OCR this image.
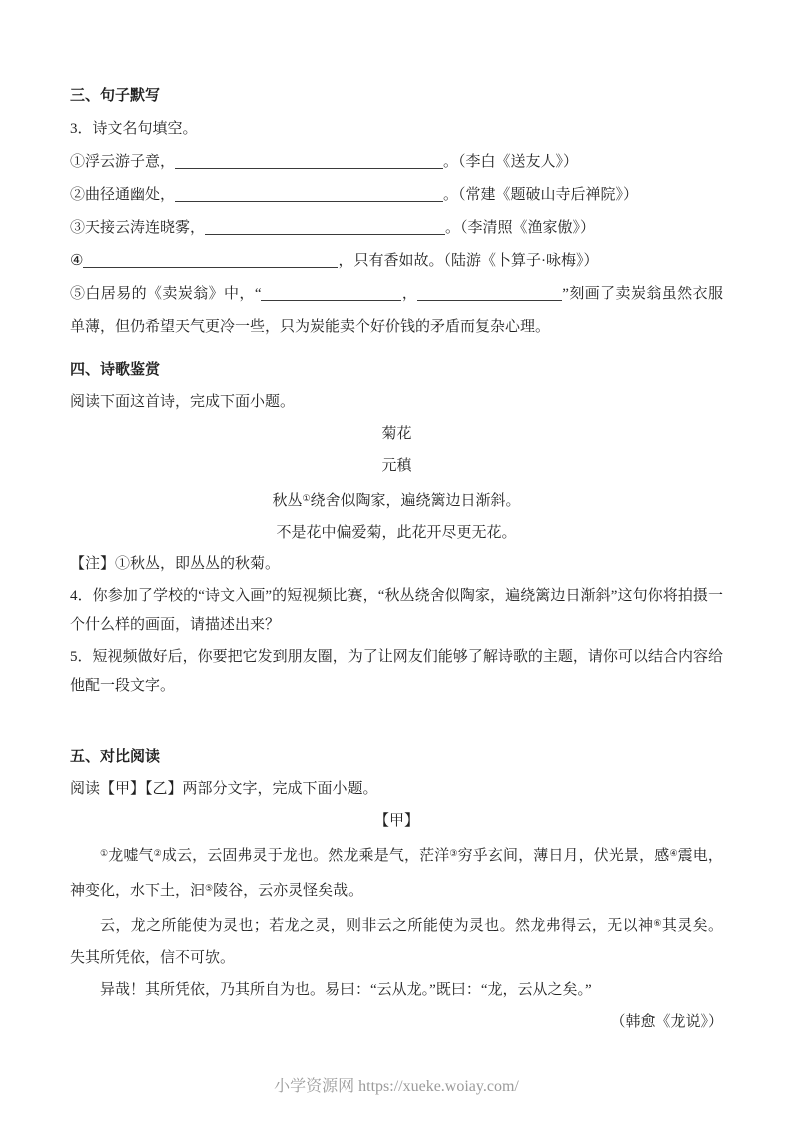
三、句子默写
3．诗文名句填空。
①浮云游子意，	。（李白《送友人》）
②曲径通幽处，	。（常建《题破山寺后禅院》）
③天接云涛连晓雾，	。（李清照《渔家傲》）
④	，只有香如故。（陆游《卜算子·咏梅》）
⑤白居易的《卖炭翁》中，“	，	”刻画了卖炭翁虽然衣服单薄，但仍希望天气更冷一些，只为炭能卖个好价钱的矛盾而复杂心理。
四、诗歌鉴赏
阅读下面这首诗，完成下面小题。
菊花
元稹
秋丛①绕舍似陶家，遍绕篱边日渐斜。
不是花中偏爱菊，此花开尽更无花。
【注】①秋丛，即丛丛的秋菊。
4．你参加了学校的“诗文入画”的短视频比赛，“秋丛绕舍似陶家，遍绕篱边日渐斜”这句你将拍摄一个什么样的画面，请描述出来？
5．短视频做好后，你要把它发到朋友圈，为了让网友们能够了解诗歌的主题，请你可以结合内容给他配一段文字。
五、对比阅读
阅读【甲】【乙】两部分文字，完成下面小题。
【甲】
①龙嘘气②成云，云固弗灵于龙也。然龙乘是气，茫洋③穷乎玄间，薄日月，伏光景，感④震电，神变化，水下土，汩⑤陵谷，云亦灵怪矣哉。
云，龙之所能使为灵也；若龙之灵，则非云之所能使为灵也。然龙弗得云，无以神⑥其灵矣。失其所凭依，信不可欤。
异哉！其所凭依，乃其所自为也。易曰：“云从龙。”既曰：“龙，云从之矣。”
（韩愈《龙说》）
小学资源网 https://xueke.woiay.com/
